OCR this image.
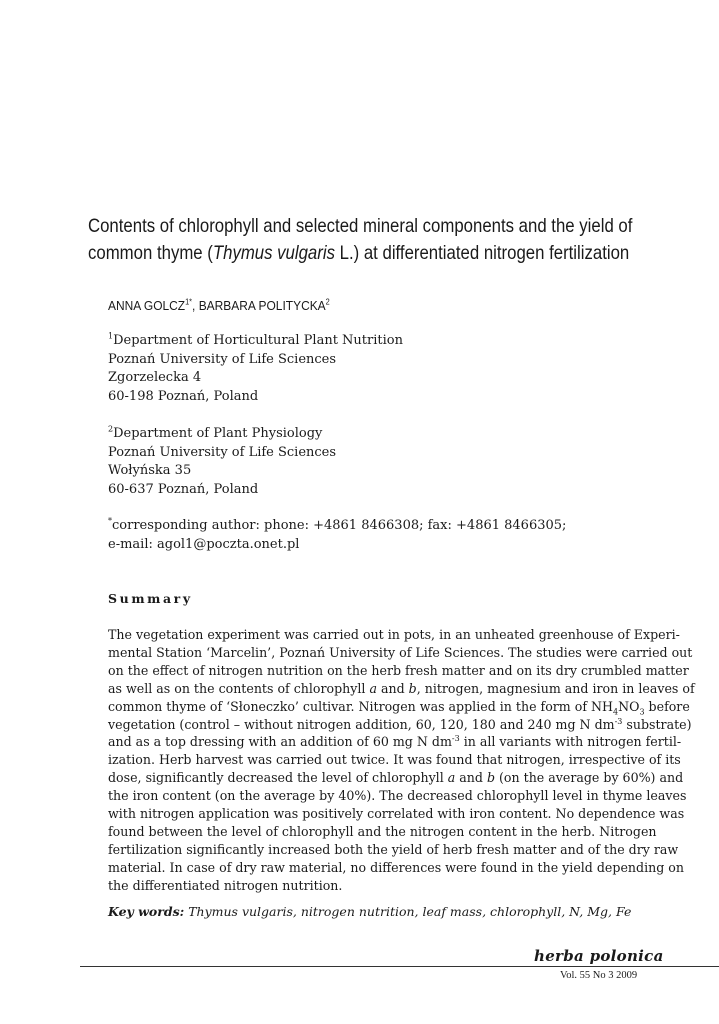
Contents of chlorophyll and selected mineral components and the yield of
common thyme (Thymus vulgaris L.) at differentiated nitrogen fertilization
ANNA $GOLCZ^{1*}$, BARBARA POLITYCKA$^2$
$^1$Department of Horticultural Plant Nutrition
Poznań University of Life Sciences
Zgorzelecka 4
60-198 Poznań, Poland
$^2$Department of Plant Physiology
Poznań University of Life Sciences
Wołyńska 35
60-637 Poznań, Poland
*corresponding author: phone: +4861 8466308; fax: +4861 8466305;
e-mail: agol1@poczta.onet.pl
Summary
The vegetation experiment was carried out in pots, in an unheated greenhouse of Experi-
mental Station ‘Marcelin’, Poznań University of Life Sciences. The studies were carried out
on the effect of nitrogen nutrition on the herb fresh matter and on its dry crumbled matter
as well as on the contents of chlorophyll a and b, nitrogen, magnesium and iron in leaves of
common thyme of ‘Słoneczko’ cultivar. Nitrogen was applied in the form of $NH_4NO_3$ before
vegetation (control – without nitrogen addition, 60, 120, 180 and 240 mg N $dm^{-3}$ substrate)
and as a top dressing with an addition of 60 mg N $dm^{-3}$ in all variants with nitrogen fertil-
ization. Herb harvest was carried out twice. It was found that nitrogen, irrespective of its
dose, significantly decreased the level of chlorophyll a and b (on the average by 60%) and
the iron content (on the average by 40%). The decreased chlorophyll level in thyme leaves
with nitrogen application was positively correlated with iron content. No dependence was
found between the level of chlorophyll and the nitrogen content in the herb. Nitrogen
fertilization significantly increased both the yield of herb fresh matter and of the dry raw
material. In case of dry raw material, no differences were found in the yield depending on
the differentiated nitrogen nutrition.
Key words: Thymus vulgaris, nitrogen nutrition, leaf mass, chlorophyll, N, Mg, Fe
herba polonica
Vol. 55 No 3 2009
